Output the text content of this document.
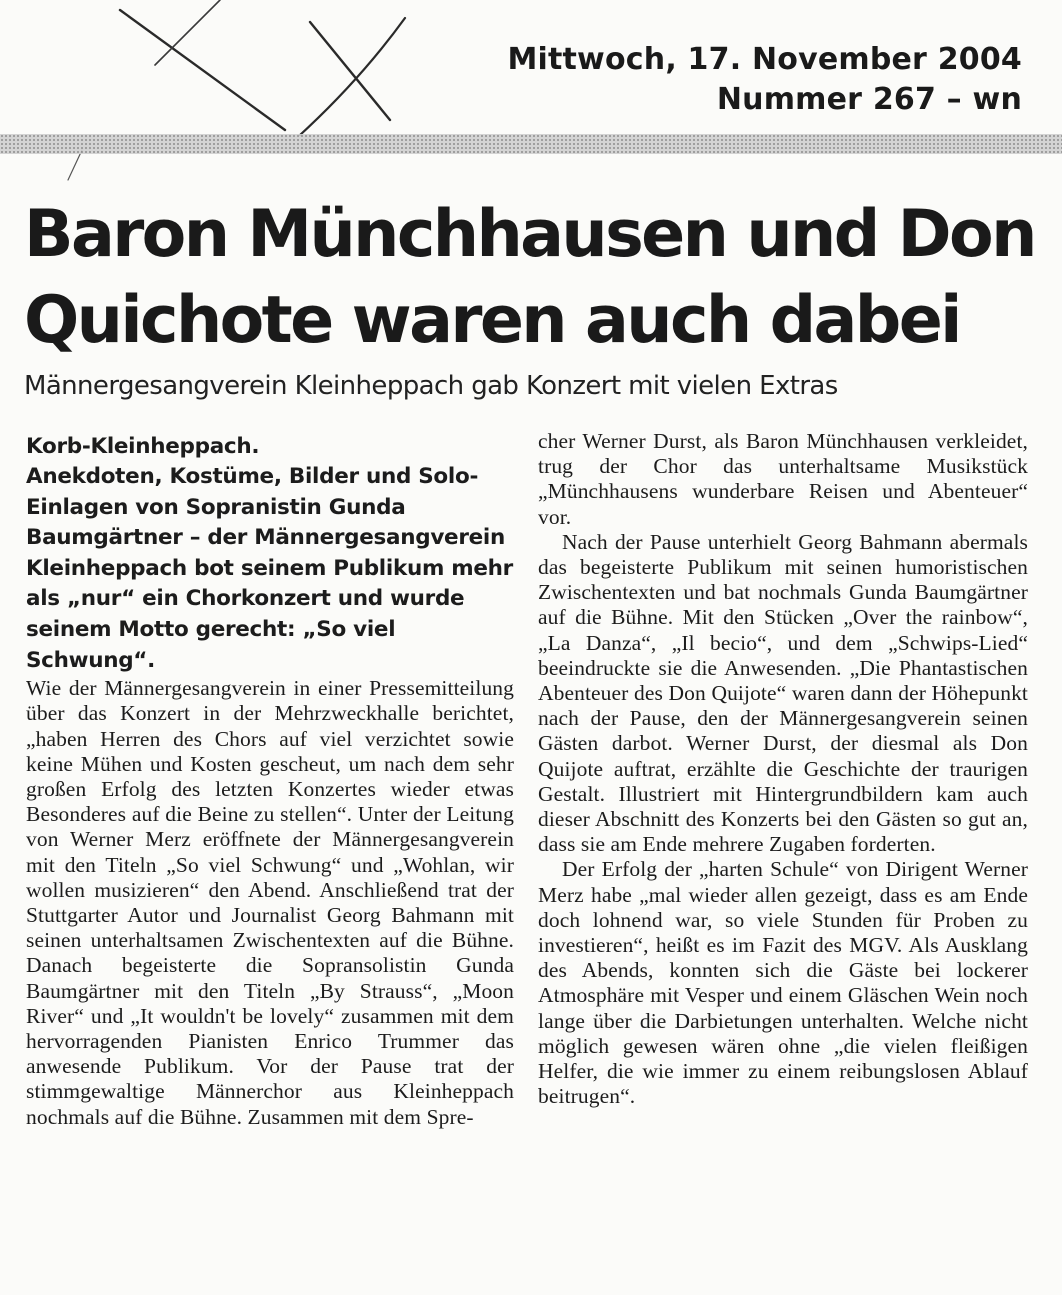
Mittwoch, 17. November 2004
Nummer 267 – wn
Baron Münchhausen und Don Quichote waren auch dabei
Männergesangverein Kleinheppach gab Konzert mit vielen Extras

Korb-Kleinheppach.

Anekdoten, Kostüme, Bilder und Solo-Einlagen von Sopranistin Gunda Baumgärtner – der Männergesangverein Kleinheppach bot seinem Publikum mehr als „nur“ ein Chorkonzert und wurde seinem Motto gerecht: „So viel Schwung“.

Wie der Männergesangverein in einer Pressemitteilung über das Konzert in der Mehrzweckhalle berichtet, „haben Herren des Chors auf viel verzichtet sowie keine Mühen und Kosten gescheut, um nach dem sehr großen Erfolg des letzten Konzertes wieder etwas Besonderes auf die Beine zu stellen“. Unter der Leitung von Werner Merz eröffnete der Männergesangverein mit den Titeln „So viel Schwung“ und „Wohlan, wir wollen musizieren“ den Abend. Anschließend trat der Stuttgarter Autor und Journalist Georg Bahmann mit seinen unterhaltsamen Zwischentexten auf die Bühne. Danach begeisterte die Sopransolistin Gunda Baumgärtner mit den Titeln „By Strauss“, „Moon River“ und „It wouldn't be lovely“ zusammen mit dem hervorragenden Pianisten Enrico Trummer das anwesende Publikum. Vor der Pause trat der stimmgewaltige Männerchor aus Kleinheppach nochmals auf die Bühne. Zusammen mit dem Spre-

cher Werner Durst, als Baron Münchhausen verkleidet, trug der Chor das unterhaltsame Musikstück „Münchhausens wunderbare Reisen und Abenteuer“ vor.

Nach der Pause unterhielt Georg Bahmann abermals das begeisterte Publikum mit seinen humoristischen Zwischentexten und bat nochmals Gunda Baumgärtner auf die Bühne. Mit den Stücken „Over the rainbow“, „La Danza“, „Il becio“, und dem „Schwips-Lied“ beeindruckte sie die Anwesenden. „Die Phantastischen Abenteuer des Don Quijote“ waren dann der Höhepunkt nach der Pause, den der Männergesangverein seinen Gästen darbot. Werner Durst, der diesmal als Don Quijote auftrat, erzählte die Geschichte der traurigen Gestalt. Illustriert mit Hintergrundbildern kam auch dieser Abschnitt des Konzerts bei den Gästen so gut an, dass sie am Ende mehrere Zugaben forderten.

Der Erfolg der „harten Schule“ von Dirigent Werner Merz habe „mal wieder allen gezeigt, dass es am Ende doch lohnend war, so viele Stunden für Proben zu investieren“, heißt es im Fazit des MGV. Als Ausklang des Abends, konnten sich die Gäste bei lockerer Atmosphäre mit Vesper und einem Gläschen Wein noch lange über die Darbietungen unterhalten. Welche nicht möglich gewesen wären ohne „die vielen fleißigen Helfer, die wie immer zu einem reibungslosen Ablauf beitrugen“.
